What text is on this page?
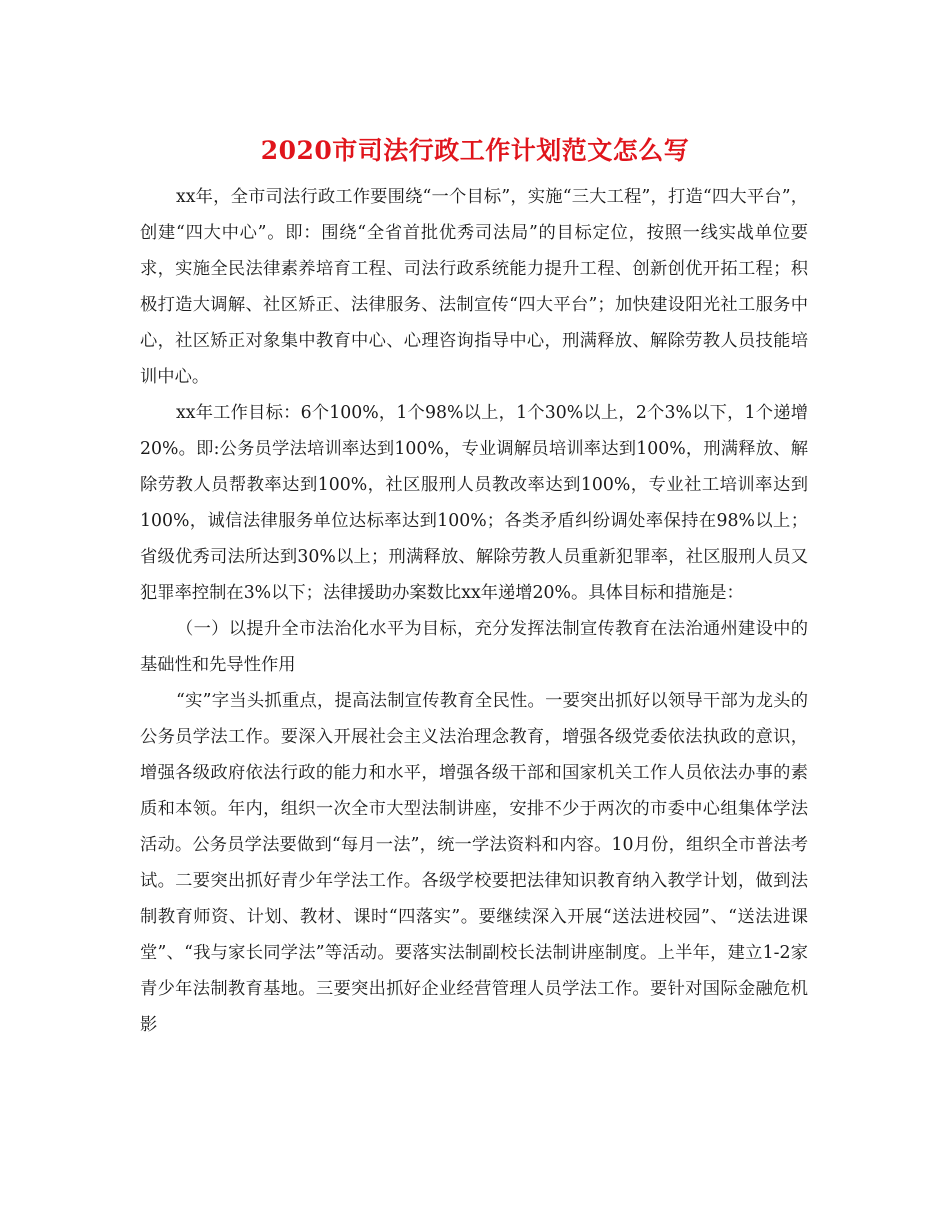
2020市司法行政工作计划范文怎么写

xx年，全市司法行政工作要围绕“一个目标”，实施“三大工程”，打造“四大平台”，创建“四大中心”。即：围绕“全省首批优秀司法局”的目标定位，按照一线实战单位要求，实施全民法律素养培育工程、司法行政系统能力提升工程、创新创优开拓工程；积极打造大调解、社区矫正、法律服务、法制宣传“四大平台”；加快建设阳光社工服务中心，社区矫正对象集中教育中心、心理咨询指导中心，刑满释放、解除劳教人员技能培训中心。

xx年工作目标：6个100%，1个98%以上，1个30%以上，2个3%以下，1个递增20%。即:公务员学法培训率达到100%，专业调解员培训率达到100%，刑满释放、解除劳教人员帮教率达到100%，社区服刑人员教改率达到100%，专业社工培训率达到100%，诚信法律服务单位达标率达到100%；各类矛盾纠纷调处率保持在98%以上；省级优秀司法所达到30%以上；刑满释放、解除劳教人员重新犯罪率，社区服刑人员又犯罪率控制在3%以下；法律援助办案数比xx年递增20%。具体目标和措施是：

（一）以提升全市法治化水平为目标，充分发挥法制宣传教育在法治通州建设中的基础性和先导性作用

“实”字当头抓重点，提高法制宣传教育全民性。一要突出抓好以领导干部为龙头的公务员学法工作。要深入开展社会主义法治理念教育，增强各级党委依法执政的意识，增强各级政府依法行政的能力和水平，增强各级干部和国家机关工作人员依法办事的素质和本领。年内，组织一次全市大型法制讲座，安排不少于两次的市委中心组集体学法活动。公务员学法要做到“每月一法”，统一学法资料和内容。10月份，组织全市普法考试。二要突出抓好青少年学法工作。各级学校要把法律知识教育纳入教学计划，做到法制教育师资、计划、教材、课时“四落实”。要继续深入开展“送法进校园”、“送法进课堂”、“我与家长同学法”等活动。要落实法制副校长法制讲座制度。上半年，建立1-2家青少年法制教育基地。三要突出抓好企业经营管理人员学法工作。要针对国际金融危机影
